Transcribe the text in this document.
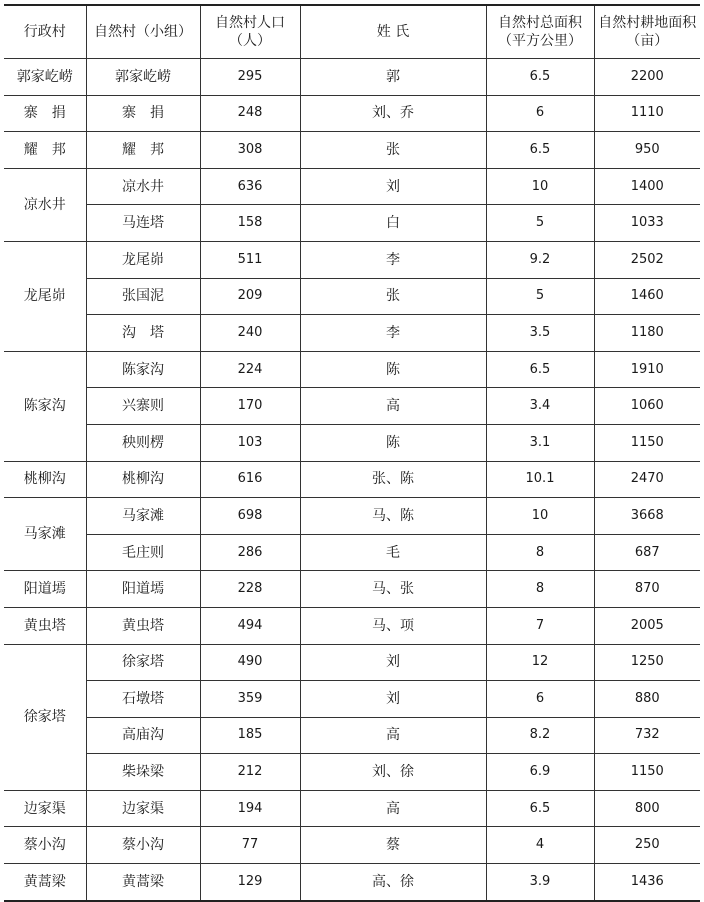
行政村	自然村（小组）	自然村人口（人）	姓 氏	自然村总面积（平方公里）	自然村耕地面积（亩）
郭家屹崂	郭家屹崂	295	郭	6.5	2200
寨　捐	寨　捐	248	刘、乔	6	1110
耀　邦	耀　邦	308	张	6.5	950
凉水井	凉水井	636	刘	10	1400
	马连塔	158	白	5	1033
龙尾峁	龙尾峁	511	李	9.2	2502
	张国泥	209	张	5	1460
	沟　塔	240	李	3.5	1180
陈家沟	陈家沟	224	陈	6.5	1910
	兴寨则	170	高	3.4	1060
	秧则楞	103	陈	3.1	1150
桃柳沟	桃柳沟	616	张、陈	10.1	2470
马家滩	马家滩	698	马、陈	10	3668
	毛庄则	286	毛	8	687
阳道墕	阳道墕	228	马、张	8	870
黄虫塔	黄虫塔	494	马、项	7	2005
徐家塔	徐家塔	490	刘	12	1250
	石墩塔	359	刘	6	880
	高庙沟	185	高	8.2	732
	柴垛梁	212	刘、徐	6.9	1150
边家渠	边家渠	194	高	6.5	800
蔡小沟	蔡小沟	77	蔡	4	250
黄蒿梁	黄蒿梁	129	高、徐	3.9	1436
